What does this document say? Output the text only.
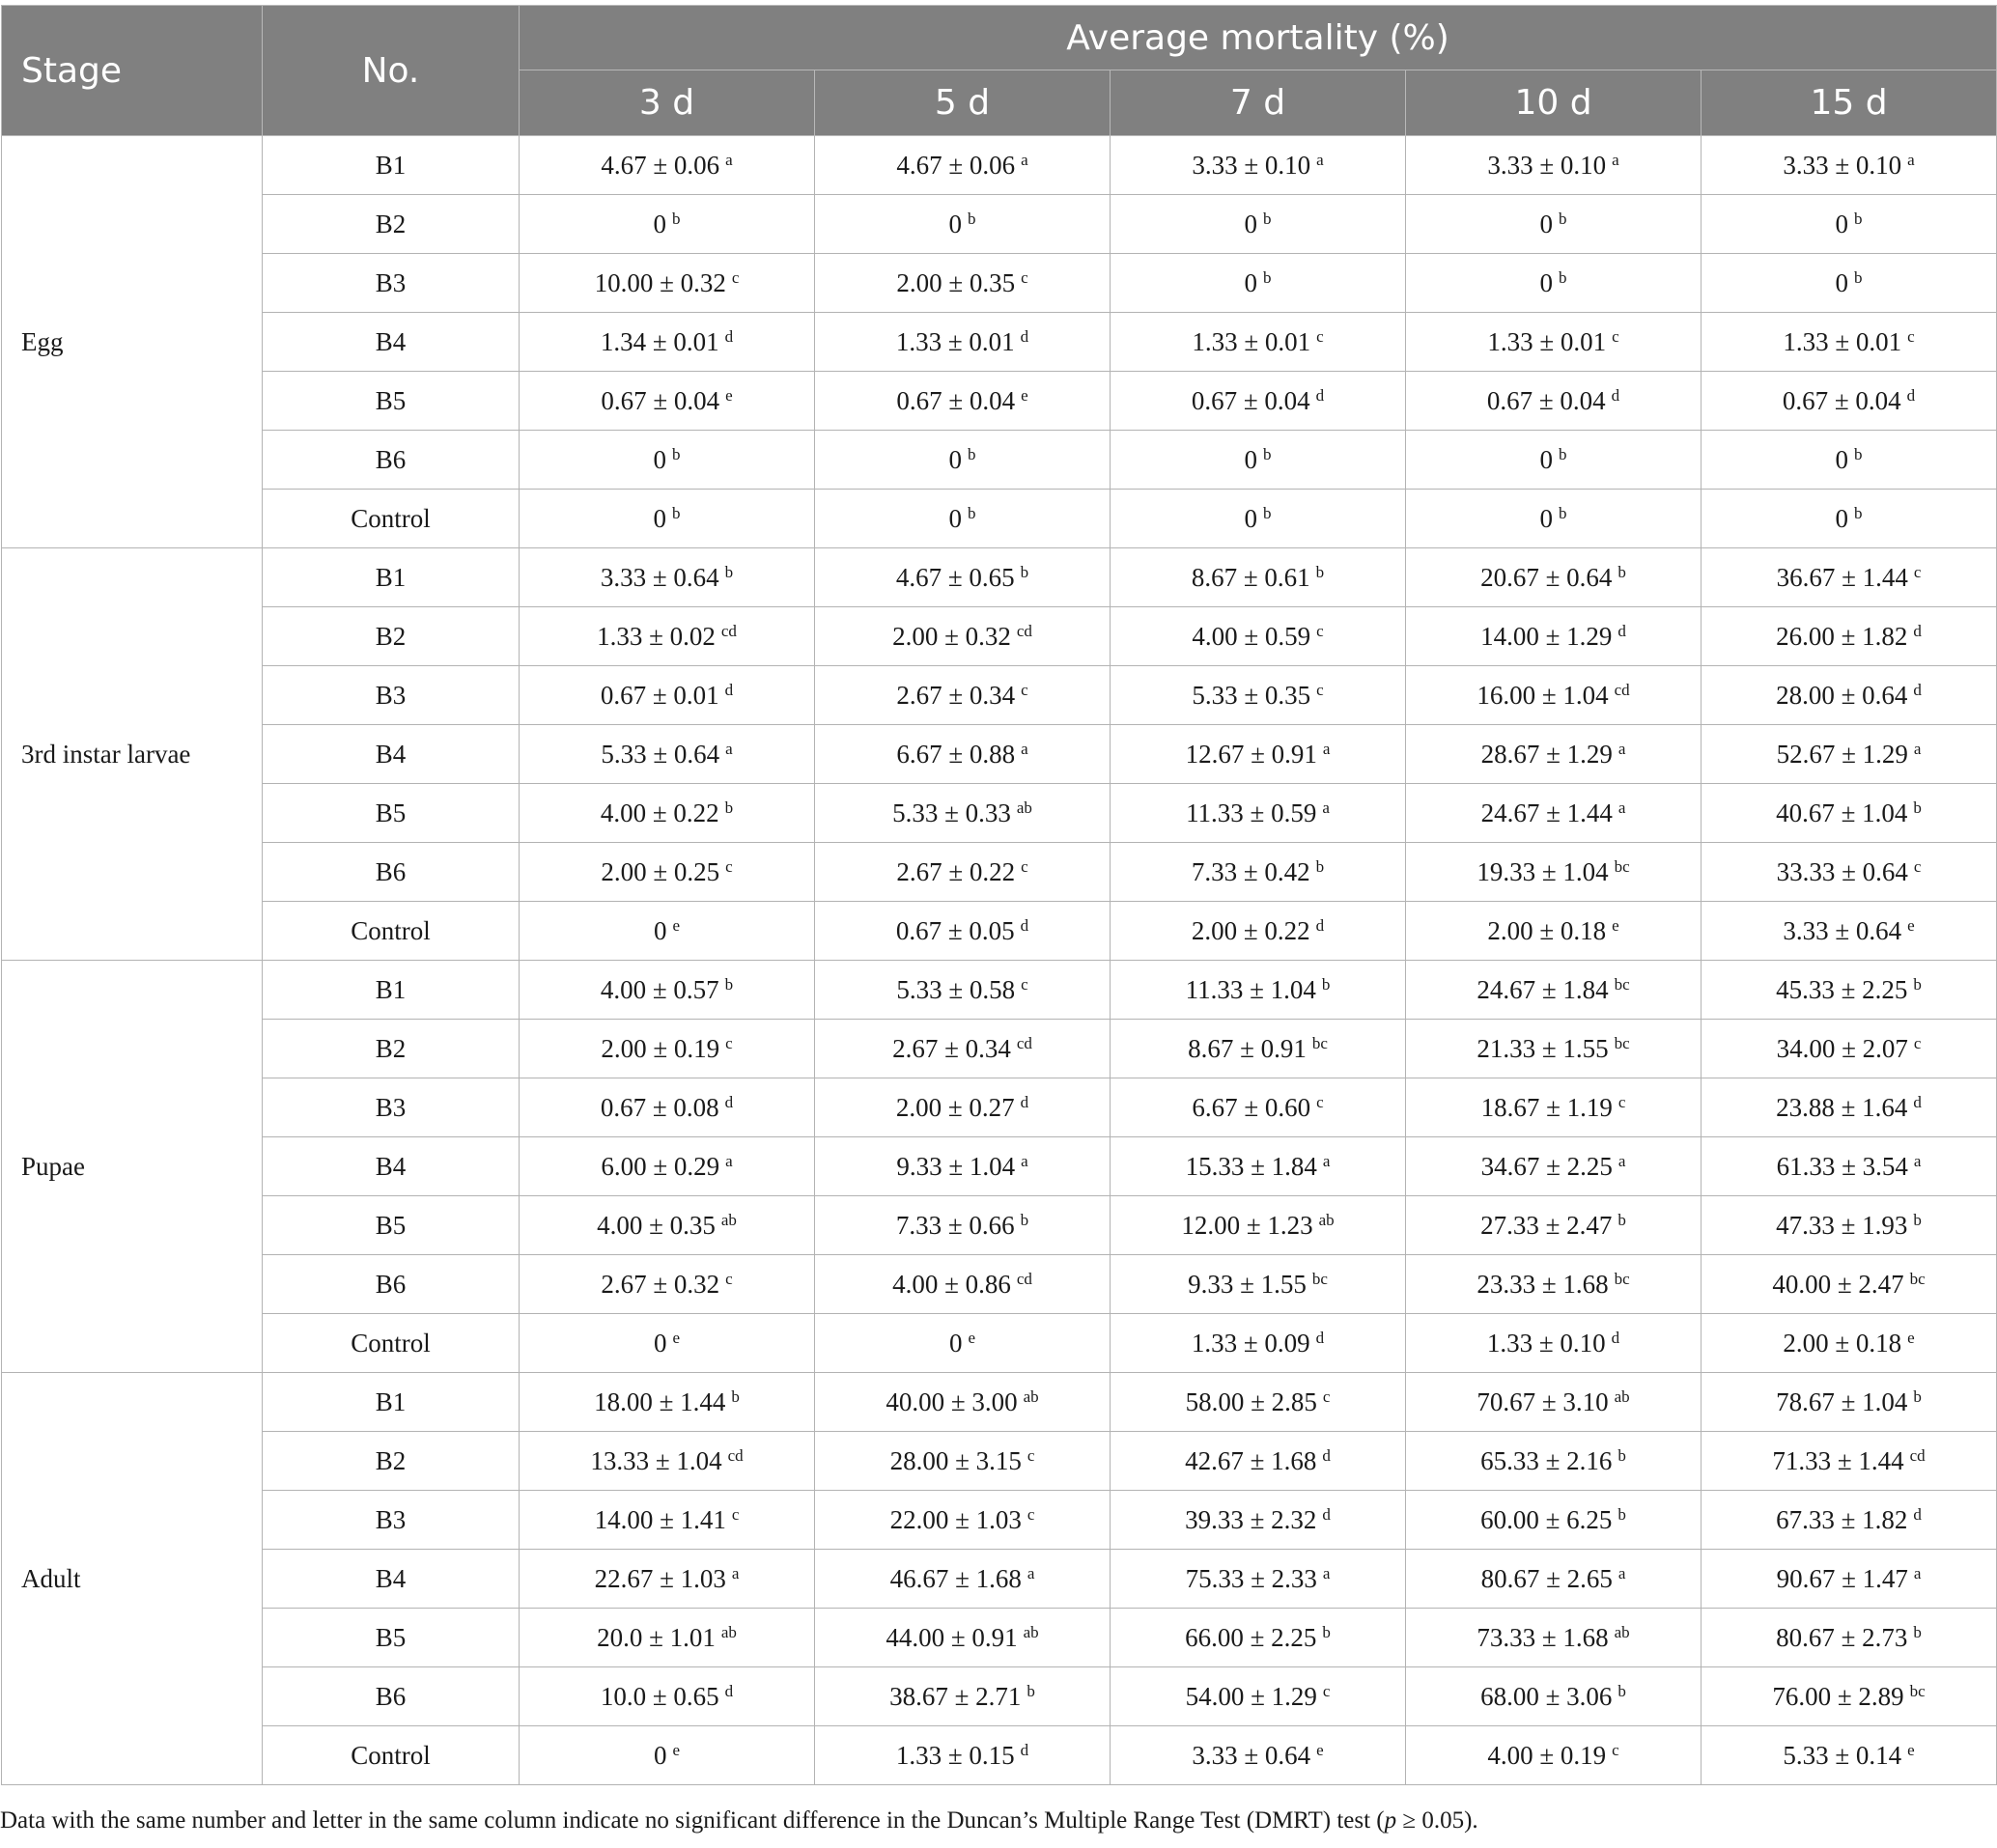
Stage	No.	Average mortality (%)				
		3 d	5 d	7 d	10 d	15 d
Egg	B1	4.67 ± 0.06 $^a$	4.67 ± 0.06 $^a$	3.33 ± 0.10 $^a$	3.33 ± 0.10 $^a$	3.33 ± 0.10 $^a$
	B2	0 $^b$	0 $^b$	0 $^b$	0 $^b$	0 $^b$
	B3	10.00 ± 0.32 $^c$	2.00 ± 0.35 $^c$	0 $^b$	0 $^b$	0 $^b$
	B4	1.34 ± 0.01 $^d$	1.33 ± 0.01 $^d$	1.33 ± 0.01 $^c$	1.33 ± 0.01 $^c$	1.33 ± 0.01 $^c$
	B5	0.67 ± 0.04 $^e$	0.67 ± 0.04 $^e$	0.67 ± 0.04 $^d$	0.67 ± 0.04 $^d$	0.67 ± 0.04 $^d$
	B6	0 $^b$	0 $^b$	0 $^b$	0 $^b$	0 $^b$
	Control	0 $^b$	0 $^b$	0 $^b$	0 $^b$	0 $^b$
3rd instar larvae	B1	3.33 ± 0.64 $^b$	4.67 ± 0.65 $^b$	8.67 ± 0.61 $^b$	20.67 ± 0.64 $^b$	36.67 ± 1.44 $^c$
	B2	1.33 ± 0.02 $^{cd}$	2.00 ± 0.32 $^{cd}$	4.00 ± 0.59 $^c$	14.00 ± 1.29 $^d$	26.00 ± 1.82 $^d$
	B3	0.67 ± 0.01 $^d$	2.67 ± 0.34 $^c$	5.33 ± 0.35 $^c$	16.00 ± 1.04 $^{cd}$	28.00 ± 0.64 $^d$
	B4	5.33 ± 0.64 $^a$	6.67 ± 0.88 $^a$	12.67 ± 0.91 $^a$	28.67 ± 1.29 $^a$	52.67 ± 1.29 $^a$
	B5	4.00 ± 0.22 $^b$	5.33 ± 0.33 $^{ab}$	11.33 ± 0.59 $^a$	24.67 ± 1.44 $^a$	40.67 ± 1.04 $^b$
	B6	2.00 ± 0.25 $^c$	2.67 ± 0.22 $^c$	7.33 ± 0.42 $^b$	19.33 ± 1.04 $^{bc}$	33.33 ± 0.64 $^c$
	Control	0 $^e$	0.67 ± 0.05 $^d$	2.00 ± 0.22 $^d$	2.00 ± 0.18 $^e$	3.33 ± 0.64 $^e$
Pupae	B1	4.00 ± 0.57 $^b$	5.33 ± 0.58 $^c$	11.33 ± 1.04 $^b$	24.67 ± 1.84 $^{bc}$	45.33 ± 2.25 $^b$
	B2	2.00 ± 0.19 $^c$	2.67 ± 0.34 $^{cd}$	8.67 ± 0.91 $^{bc}$	21.33 ± 1.55 $^{bc}$	34.00 ± 2.07 $^c$
	B3	0.67 ± 0.08 $^d$	2.00 ± 0.27 $^d$	6.67 ± 0.60 $^c$	18.67 ± 1.19 $^c$	23.88 ± 1.64 $^d$
	B4	6.00 ± 0.29 $^a$	9.33 ± 1.04 $^a$	15.33 ± 1.84 $^a$	34.67 ± 2.25 $^a$	61.33 ± 3.54 $^a$
	B5	4.00 ± 0.35 $^{ab}$	7.33 ± 0.66 $^b$	12.00 ± 1.23 $^{ab}$	27.33 ± 2.47 $^b$	47.33 ± 1.93 $^b$
	B6	2.67 ± 0.32 $^c$	4.00 ± 0.86 $^{cd}$	9.33 ± 1.55 $^{bc}$	23.33 ± 1.68 $^{bc}$	40.00 ± 2.47 $^{bc}$
	Control	0 $^e$	0 $^e$	1.33 ± 0.09 $^d$	1.33 ± 0.10 $^d$	2.00 ± 0.18 $^e$
Adult	B1	18.00 ± 1.44 $^b$	40.00 ± 3.00 $^{ab}$	58.00 ± 2.85 $^c$	70.67 ± 3.10 $^{ab}$	78.67 ± 1.04 $^b$
	B2	13.33 ± 1.04 $^{cd}$	28.00 ± 3.15 $^c$	42.67 ± 1.68 $^d$	65.33 ± 2.16 $^b$	71.33 ± 1.44 $^{cd}$
	B3	14.00 ± 1.41 $^c$	22.00 ± 1.03 $^c$	39.33 ± 2.32 $^d$	60.00 ± 6.25 $^b$	67.33 ± 1.82 $^d$
	B4	22.67 ± 1.03 $^a$	46.67 ± 1.68 $^a$	75.33 ± 2.33 $^a$	80.67 ± 2.65 $^a$	90.67 ± 1.47 $^a$
	B5	20.0 ± 1.01 $^{ab}$	44.00 ± 0.91 $^{ab}$	66.00 ± 2.25 $^b$	73.33 ± 1.68 $^{ab}$	80.67 ± 2.73 $^b$
	B6	10.0 ± 0.65 $^d$	38.67 ± 2.71 $^b$	54.00 ± 1.29 $^c$	68.00 ± 3.06 $^b$	76.00 ± 2.89 $^{bc}$
	Control	0 $^e$	1.33 ± 0.15 $^d$	3.33 ± 0.64 $^e$	4.00 ± 0.19 $^c$	5.33 ± 0.14 $^e$
Data with the same number and letter in the same column indicate no significant difference in the Duncan’s Multiple Range Test (DMRT) test (p ≥ 0.05).
